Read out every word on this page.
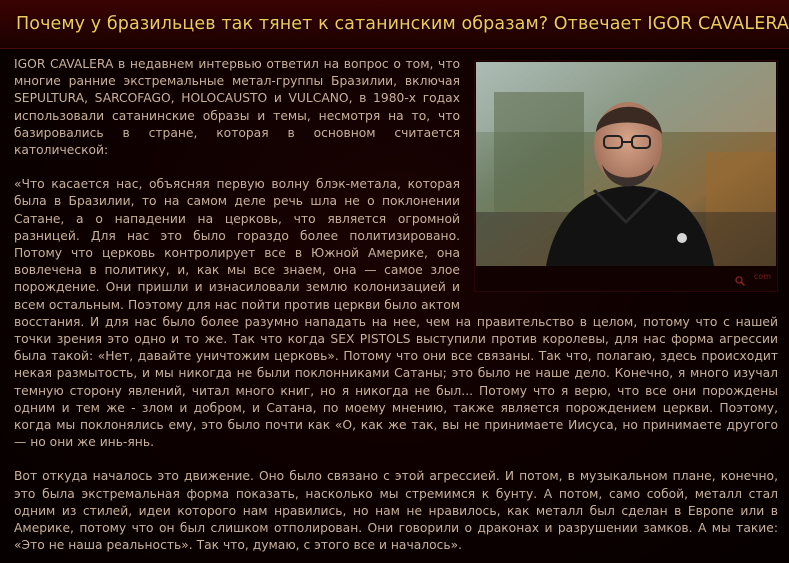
Почему у бразильцев так тянет к сатанинским образам? Отвечает IGOR CAVALERA
com

IGOR CAVALERA в недавнем интервью ответил на вопрос о том, что многие ранние экстремальные метал-группы Бразилии, включая SEPULTURA, SARCOFAGO, HOLOCAUSTO и VULCANO, в 1980-х годах использовали сатанинские образы и темы, несмотря на то, что базировались в стране, которая в основном считается католической:

«Что касается нас, объясняя первую волну блэк-метала, которая была в Бразилии, то на самом деле речь шла не о поклонении Сатане, а о нападении на церковь, что является огромной разницей. Для нас это было гораздо более политизировано. Потому что церковь контролирует все в Южной Америке, она вовлечена в политику, и, как мы все знаем, она — самое злое порождение. Они пришли и изнасиловали землю колонизацией и всем остальным. Поэтому для нас пойти против церкви было актом восстания. И для нас было более разумно нападать на нее, чем на правительство в целом, потому что с нашей точки зрения это одно и то же. Так что когда SEX PISTOLS выступили против королевы, для нас форма агрессии была такой: «Нет, давайте уничтожим церковь». Потому что они все связаны. Так что, полагаю, здесь происходит некая размытость, и мы никогда не были поклонниками Сатаны; это было не наше дело. Конечно, я много изучал темную сторону явлений, читал много книг, но я никогда не был... Потому что я верю, что все они порождены одним и тем же - злом и добром, и Сатана, по моему мнению, также является порождением церкви. Поэтому, когда мы поклонялись ему, это было почти как «О, как же так, вы не принимаете Иисуса, но принимаете другого — но они же инь-янь.

Вот откуда началось это движение. Оно было связано с этой агрессией. И потом, в музыкальном плане, конечно, это была экстремальная форма показать, насколько мы стремимся к бунту. А потом, само собой, металл стал одним из стилей, идеи которого нам нравились, но нам не нравилось, как металл был сделан в Европе или в Америке, потому что он был слишком отполирован. Они говорили о драконах и разрушении замков. А мы такие: «Это не наша реальность». Так что, думаю, с этого все и началось».
